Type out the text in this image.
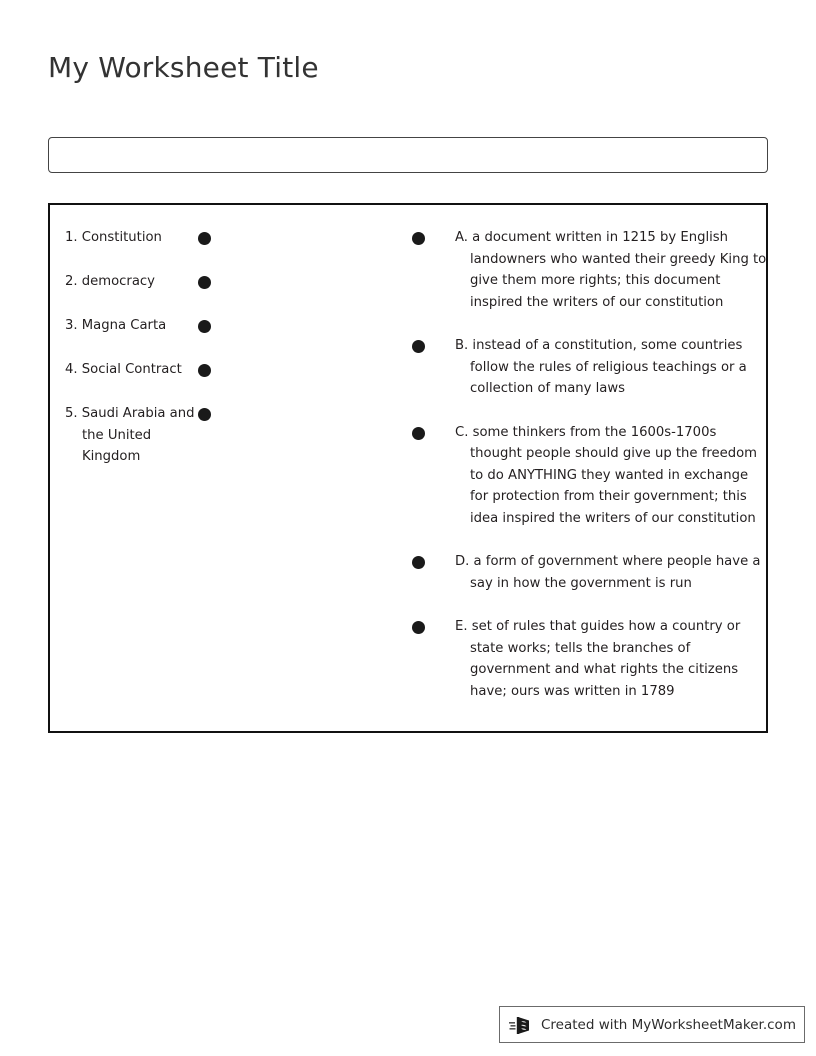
My Worksheet Title
1. Constitution
2. democracy
3. Magna Carta
4. Social Contract
5. Saudi Arabia and the United Kingdom
A. a document written in 1215 by English landowners who wanted their greedy King to give them more rights; this document inspired the writers of our constitution
B. instead of a constitution, some countries follow the rules of religious teachings or a collection of many laws
C. some thinkers from the 1600s-1700s thought people should give up the freedom to do ANYTHING they wanted in exchange for protection from their government; this idea inspired the writers of our constitution
D. a form of government where people have a say in how the government is run
E. set of rules that guides how a country or state works; tells the branches of government and what rights the citizens have; ours was written in 1789
Created with MyWorksheetMaker.com
